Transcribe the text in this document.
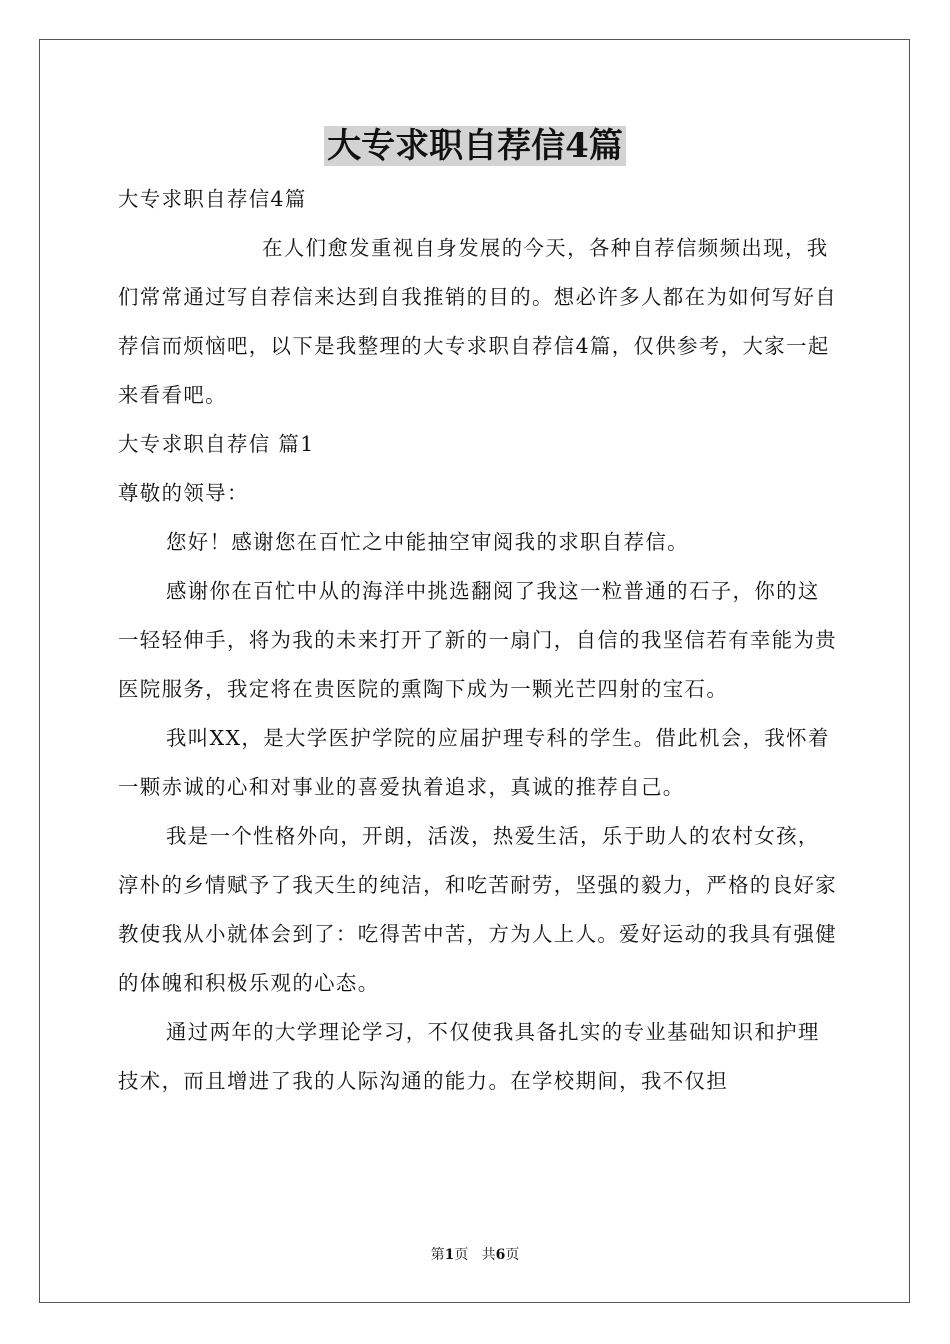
大专求职自荐信4篇

大专求职自荐信4篇

在人们愈发重视自身发展的今天，各种自荐信频频出现，我们常常通过写自荐信来达到自我推销的目的。想必许多人都在为如何写好自荐信而烦恼吧，以下是我整理的大专求职自荐信4篇，仅供参考，大家一起来看看吧。

大专求职自荐信 篇1

尊敬的领导：

您好！感谢您在百忙之中能抽空审阅我的求职自荐信。

感谢你在百忙中从的海洋中挑选翻阅了我这一粒普通的石子，你的这一轻轻伸手，将为我的未来打开了新的一扇门，自信的我坚信若有幸能为贵医院服务，我定将在贵医院的熏陶下成为一颗光芒四射的宝石。

我叫XX，是大学医护学院的应届护理专科的学生。借此机会，我怀着一颗赤诚的心和对事业的喜爱执着追求，真诚的推荐自己。

我是一个性格外向，开朗，活泼，热爱生活，乐于助人的农村女孩，淳朴的乡情赋予了我天生的纯洁，和吃苦耐劳，坚强的毅力，严格的良好家教使我从小就体会到了：吃得苦中苦，方为人上人。爱好运动的我具有强健的体魄和积极乐观的心态。

通过两年的大学理论学习，不仅使我具备扎实的专业基础知识和护理技术，而且增进了我的人际沟通的能力。在学校期间，我不仅担

第1页 共6页
